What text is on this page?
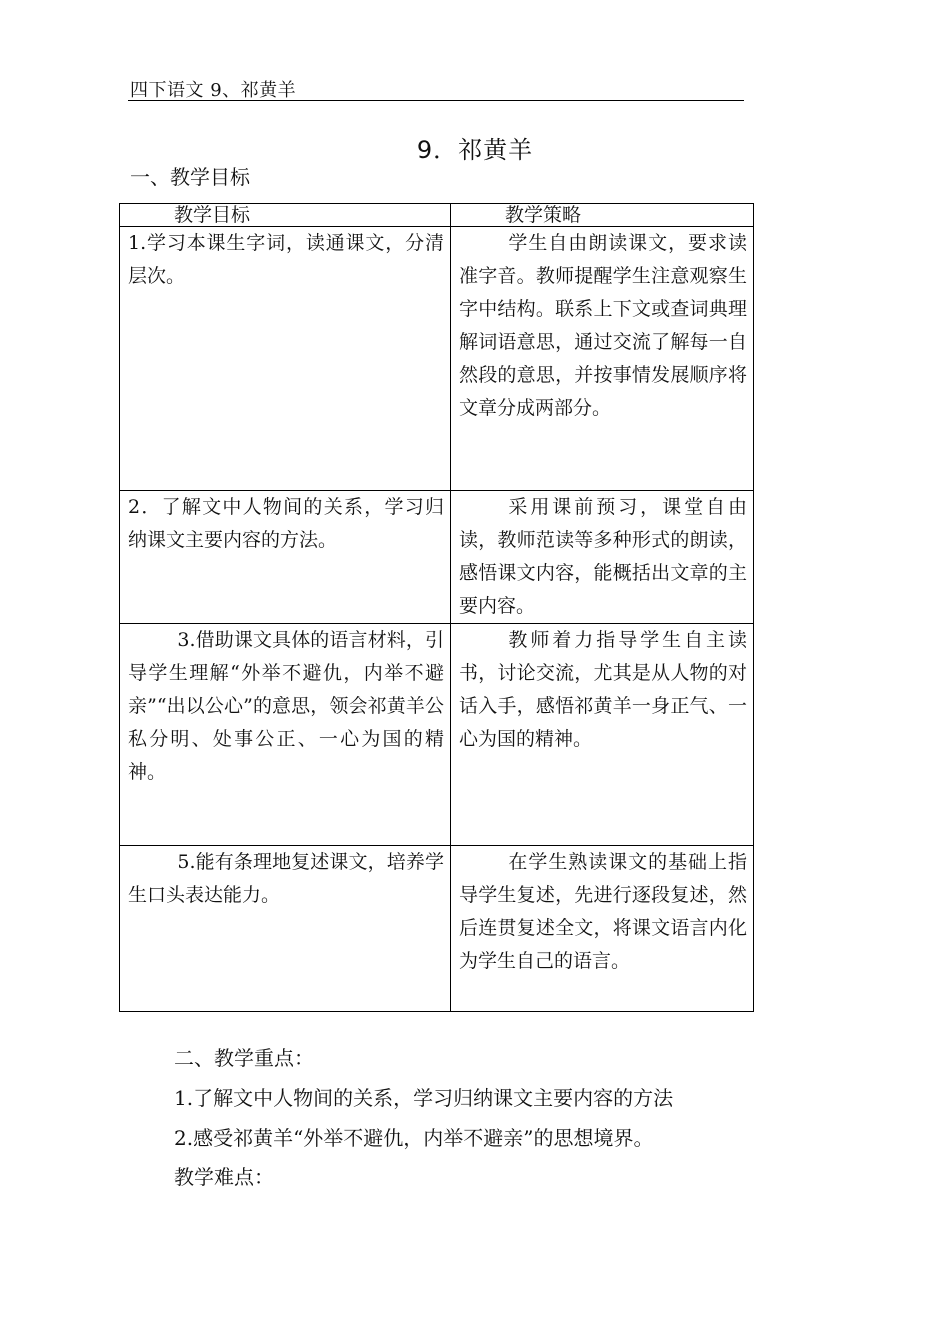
四下语文 9、祁黄羊
9．祁黄羊
一、教学目标
教学目标	教学策略

1.学习本课生字词，读通课文，分清层次。	学生自由朗读课文，要求读准字音。教师提醒学生注意观察生字中结构。联系上下文或查词典理解词语意思，通过交流了解每一自然段的意思，并按事情发展顺序将文章分成两部分。

2．了解文中人物间的关系，学习归纳课文主要内容的方法。	采用课前预习，课堂自由读，教师范读等多种形式的朗读，感悟课文内容，能概括出文章的主要内容。

3.借助课文具体的语言材料，引导学生理解“外举不避仇，内举不避亲”“出以公心”的意思，领会祁黄羊公私分明、处事公正、一心为国的精神。	教师着力指导学生自主读书，讨论交流，尤其是从人物的对话入手，感悟祁黄羊一身正气、一心为国的精神。

5.能有条理地复述课文，培养学生口头表达能力。	在学生熟读课文的基础上指导学生复述，先进行逐段复述，然后连贯复述全文，将课文语言内化为学生自己的语言。
二、教学重点：
1.了解文中人物间的关系，学习归纳课文主要内容的方法
2.感受祁黄羊“外举不避仇，内举不避亲”的思想境界。
教学难点：
